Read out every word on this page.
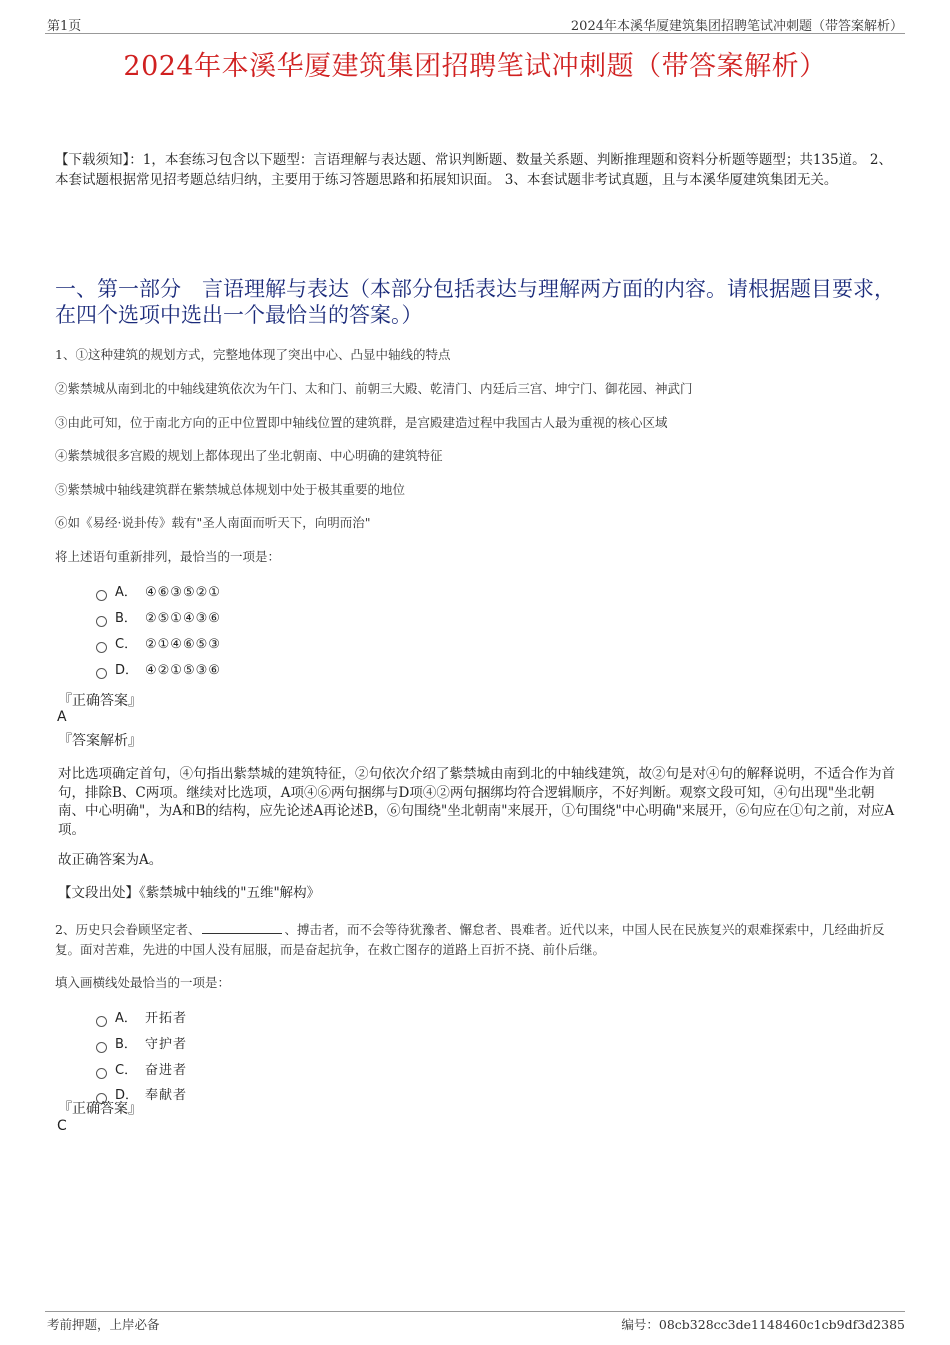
第1页	2024年本溪华厦建筑集团招聘笔试冲刺题（带答案解析）
2024年本溪华厦建筑集团招聘笔试冲刺题（带答案解析）
【下载须知】：1，本套练习包含以下题型：言语理解与表达题、常识判断题、数量关系题、判断推理题和资料分析题等题型；共135道。 2、本套试题根据常见招考题总结归纳，主要用于练习答题思路和拓展知识面。 3、本套试题非考试真题，且与本溪华厦建筑集团无关。
一、第一部分　言语理解与表达（本部分包括表达与理解两方面的内容。请根据题目要求，在四个选项中选出一个最恰当的答案。）
1、①这种建筑的规划方式，完整地体现了突出中心、凸显中轴线的特点
②紫禁城从南到北的中轴线建筑依次为午门、太和门、前朝三大殿、乾清门、内廷后三宫、坤宁门、御花园、神武门
③由此可知，位于南北方向的正中位置即中轴线位置的建筑群，是宫殿建造过程中我国古人最为重视的核心区域
④紫禁城很多宫殿的规划上都体现出了坐北朝南、中心明确的建筑特征
⑤紫禁城中轴线建筑群在紫禁城总体规划中处于极其重要的地位
⑥如《易经·说卦传》载有"圣人南面而听天下，向明而治"
将上述语句重新排列，最恰当的一项是：
A． ④⑥③⑤②①
B． ②⑤①④③⑥
C． ②①④⑥⑤③
D． ④②①⑤③⑥
『正确答案』
A
『答案解析』
对比选项确定首句，④句指出紫禁城的建筑特征，②句依次介绍了紫禁城由南到北的中轴线建筑，故②句是对④句的解释说明，不适合作为首句，排除B、C两项。继续对比选项，A项④⑥两句捆绑与D项④②两句捆绑均符合逻辑顺序，不好判断。观察文段可知，④句出现"坐北朝南、中心明确"，为A和B的结构，应先论述A再论述B，⑥句围绕"坐北朝南"来展开，①句围绕"中心明确"来展开，⑥句应在①句之前，对应A项。
故正确答案为A。
【文段出处】《紫禁城中轴线的"五维"解构》
2、历史只会眷顾坚定者、	、搏击者，而不会等待犹豫者、懈怠者、畏难者。近代以来，中国人民在民族复兴的艰难探索中，几经曲折反复。面对苦难，先进的中国人没有屈服，而是奋起抗争，在救亡图存的道路上百折不挠、前仆后继。
填入画横线处最恰当的一项是：
A． 开拓者
B． 守护者
C． 奋进者
D． 奉献者
『正确答案』
C
考前押题，上岸必备	编号：08cb328cc3de1148460c1cb9df3d2385
